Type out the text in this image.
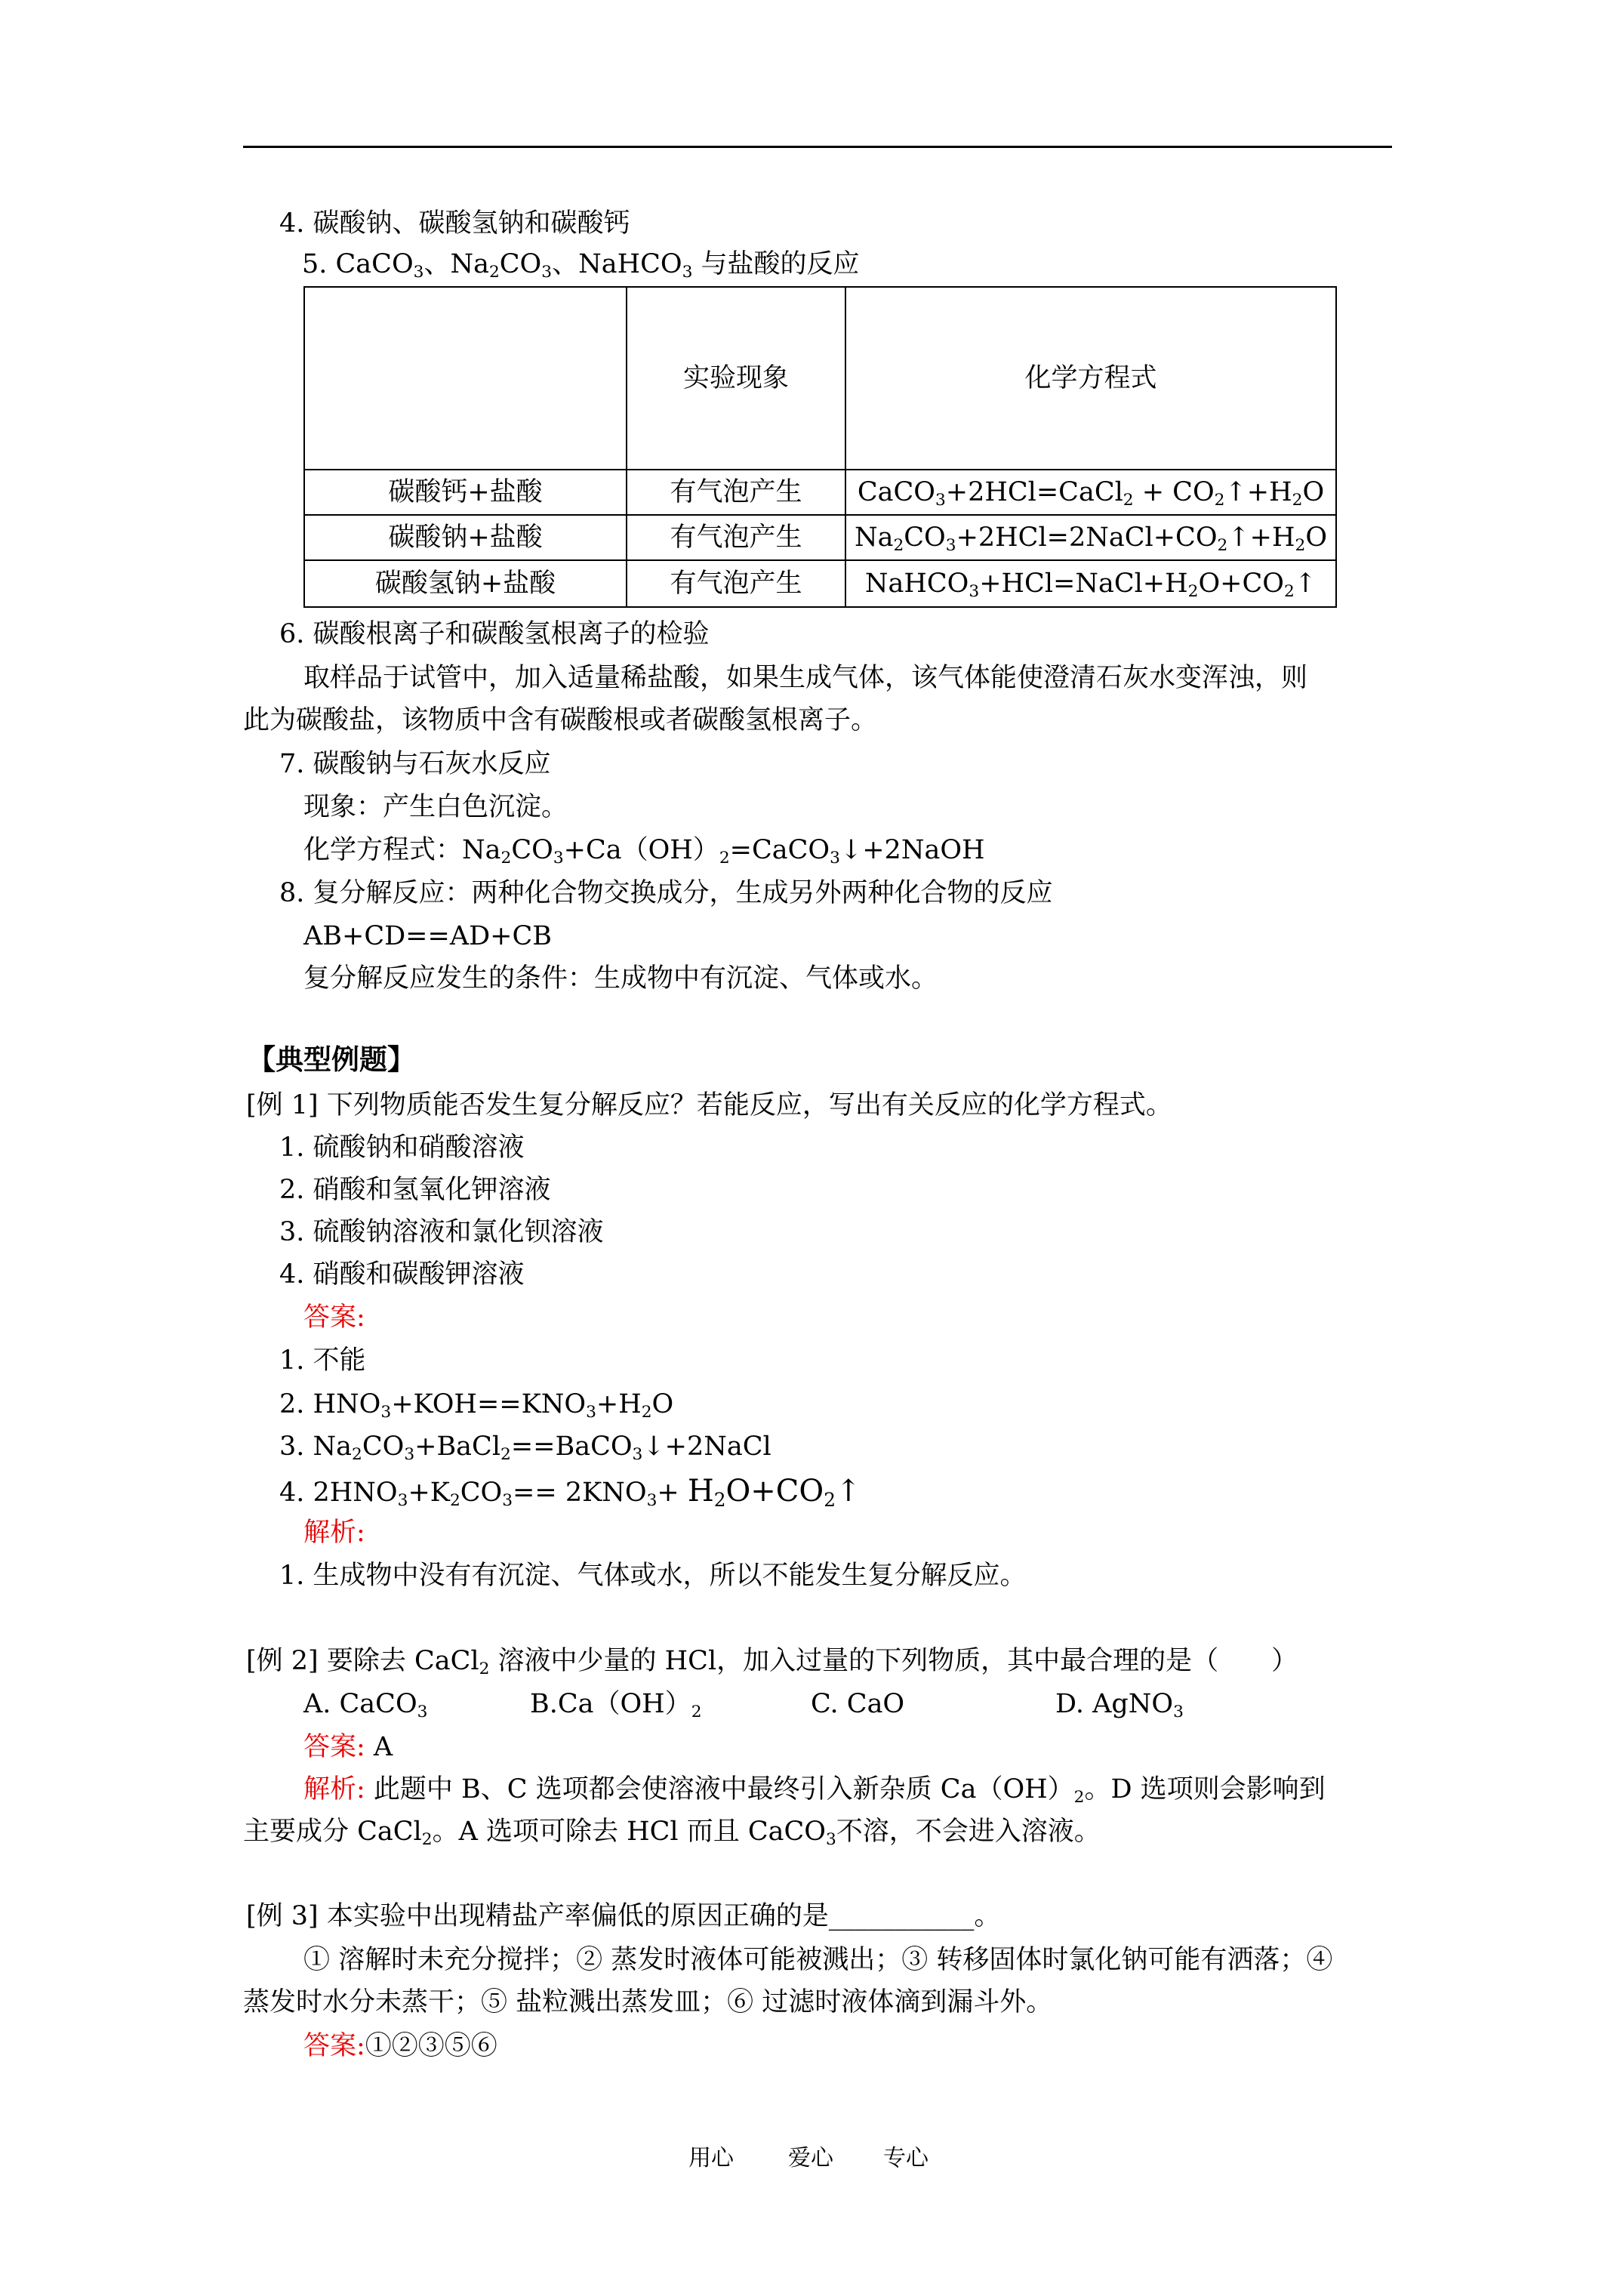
4. 碳酸钠、碳酸氢钠和碳酸钙
5. CaCO$_3$、$Na_2CO_3$、NaHCO$_3$ 与盐酸的反应
	实验现象	化学方程式
碳酸钙+盐酸	有气泡产生	CaCO$_3$+2HCl=CaCl$_2$ + $CO_2↑+H_2O$
碳酸钠+盐酸	有气泡产生	$Na_2CO_3+2HCl=2NaCl+CO_2↑+H_2O$
碳酸氢钠+盐酸	有气泡产生	$NaHCO_3+HCl=NaCl+H_2O+CO_2↑$
6. 碳酸根离子和碳酸氢根离子的检验
取样品于试管中，加入适量稀盐酸，如果生成气体，该气体能使澄清石灰水变浑浊，则
此为碳酸盐，该物质中含有碳酸根或者碳酸氢根离子。
7. 碳酸钠与石灰水反应
现象：产生白色沉淀。
化学方程式：$Na_2CO_3+Ca(OH)_2=CaCO_3↓+2NaOH$
8. 复分解反应：两种化合物交换成分，生成另外两种化合物的反应
AB+CD==AD+CB
复分解反应发生的条件：生成物中有沉淀、气体或水。
【典型例题】
[例 1] 下列物质能否发生复分解反应？若能反应，写出有关反应的化学方程式。
1. 硫酸钠和硝酸溶液
2. 硝酸和氢氧化钾溶液
3. 硫酸钠溶液和氯化钡溶液
4. 硝酸和碳酸钾溶液
答案:
1. 不能
2. $HNO_3+KOH==KNO_3+H_2O$
3. $Na_2CO_3+BaCl_2==BaCO_3↓+2NaCl$
4. $2HNO_3+K_2CO_3== 2KNO_3+$ $H_2O+CO_2↑$
解析:
1. 生成物中没有有沉淀、气体或水，所以不能发生复分解反应。
[例 2] 要除去 CaCl$_2$ 溶液中少量的 HCl，加入过量的下列物质，其中最合理的是（　　）
A. CaCO$_3$	$B.Ca(OH)_2$	C. CaO	D. AgNO$_3$
答案: A
解析: 此题中 B、C 选项都会使溶液中最终引入新杂质 $Ca(OH)_2$。D 选项则会影响到
主要成分 CaCl$_2$。A 选项可除去 HCl 而且 CaCO$_3$不溶，不会进入溶液。
[例 3] 本实验中出现精盐产率偏低的原因正确的是___________。
① 溶解时未充分搅拌；② 蒸发时液体可能被溅出；③ 转移固体时氯化钠可能有洒落；④
蒸发时水分未蒸干；⑤ 盐粒溅出蒸发皿；⑥ 过滤时液体滴到漏斗外。
答案:①②③⑤⑥
用心 爱心 专心
